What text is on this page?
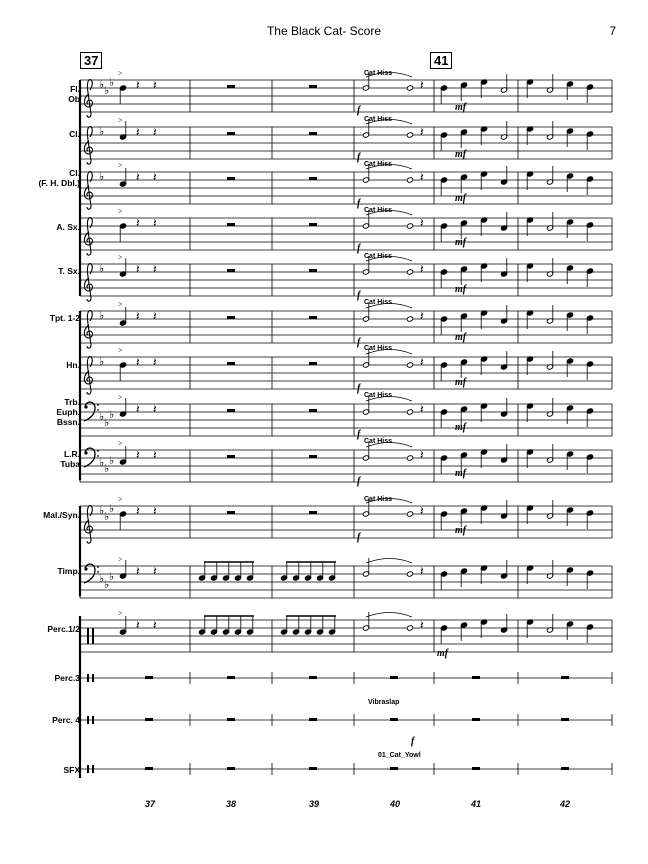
The Black Cat- Score	7
37	41
Fl.
Ob
Cl.
Cl.
(F. H. Dbl.)
A. Sx.
T. Sx.
Tpt. 1-2
Hn.
Trb.
Euph.
Bssn.
L.R.
Tuba
Mal./Syn.
Timp.
Perc.1/2
Perc.3
Perc. 4
SFX
37	38	39	40	41	42
♭ ♭
♭ 𝄽 𝄽
>
𝄽
♭	𝄽 𝄽
>
𝄽
♭	𝄽 𝄽
>
𝄽
𝄽 𝄽
>
𝄽
♭	𝄽 𝄽
>
𝄽
♭	𝄽 𝄽
>
𝄽
♭	𝄽 𝄽
>
𝄽
♭ ♭
♭ 𝄽 𝄽
>
𝄽
♭ ♭
♭ 𝄽 𝄽
>
𝄽
♭ ♭
♭ 𝄽 𝄽
>
𝄽
♭ ♭
♭ 𝄽 𝄽
>
𝄽
𝄽 𝄽
>
𝄽
Cat Hiss
Cat Hiss
Cat Hiss
Cat Hiss
Cat Hiss
Cat Hiss
Cat Hiss
Cat Hiss
Cat Hiss
Cat Hiss
f
f
f
f
f
f
f
f
f
f
mf
mf
mf
mf
mf
mf
mf
mf
mf
mf
mf
Vibraslap
f
01_Cat_Yowl
